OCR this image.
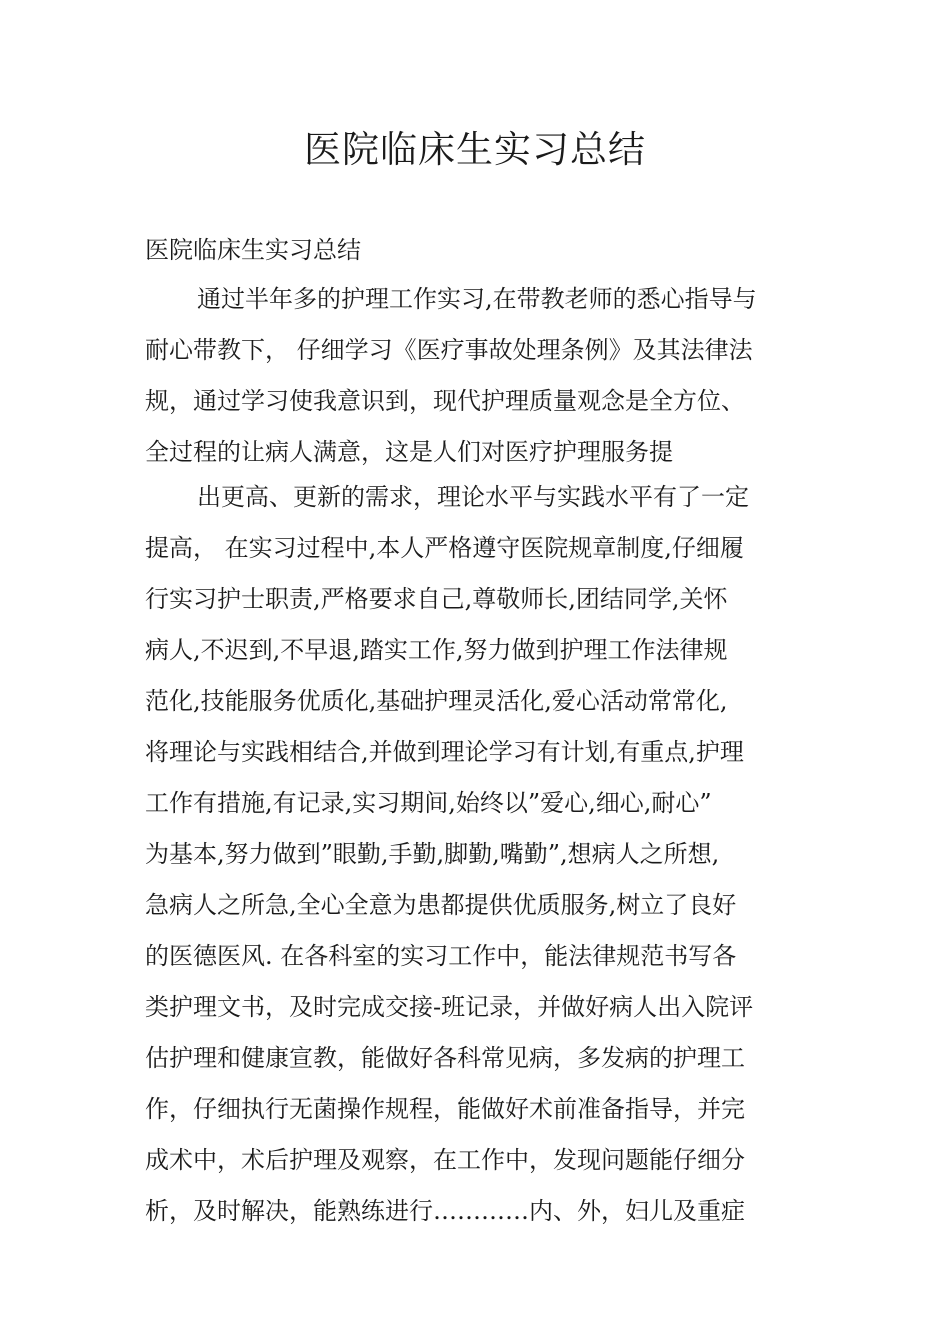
医院临床生实习总结
医院临床生实习总结
通过半年多的护理工作实习,在带教老师的悉心指导与
耐心带教下， 仔细学习《医疗事故处理条例》及其法律法
规，通过学习使我意识到，现代护理质量观念是全方位、
全过程的让病人满意，这是人们对医疗护理服务提
出更高、更新的需求，理论水平与实践水平有了一定
提高， 在实习过程中,本人严格遵守医院规章制度,仔细履
行实习护士职责,严格要求自己,尊敬师长,团结同学,关怀
病人,不迟到,不早退,踏实工作,努力做到护理工作法律规
范化,技能服务优质化,基础护理灵活化,爱心活动常常化,
将理论与实践相结合,并做到理论学习有计划,有重点,护理
工作有措施,有记录,实习期间,始终以”爱心,细心,耐心”
为基本,努力做到”眼勤,手勤,脚勤,嘴勤”,想病人之所想,
急病人之所急,全心全意为患都提供优质服务,树立了良好
的医德医风. 在各科室的实习工作中，能法律规范书写各
类护理文书，及时完成交接-班记录，并做好病人出入院评
估护理和健康宣教，能做好各科常见病，多发病的护理工
作，仔细执行无菌操作规程，能做好术前准备指导，并完
成术中，术后护理及观察，在工作中，发现问题能仔细分
析，及时解决，能熟练进行…………内、外，妇儿及重症
